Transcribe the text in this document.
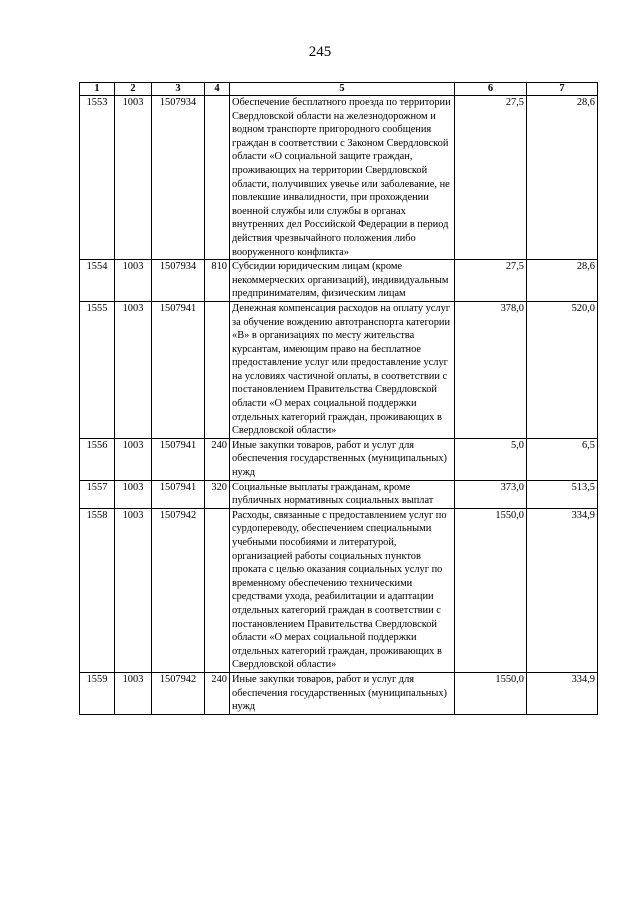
245
1	2	3	4	5	6	7
1553	1003	1507934		Обеспечение бесплатного проезда по территории Свердловской области на железнодорожном и водном транспорте пригородного сообщения граждан в соответствии с Законом Свердловской области «О социальной защите граждан, проживающих на территории Свердловской области, получивших увечье или заболевание, не повлекшие инвалидности, при прохождении военной службы или службы в органах внутренних дел Российской Федерации в период действия чрезвычайного положения либо вооруженного конфликта»	27,5	28,6
1554	1003	1507934	810	Субсидии юридическим лицам (кроме некоммерческих организаций), индивидуальным предпринимателям, физическим лицам	27,5	28,6
1555	1003	1507941		Денежная компенсация расходов на оплату услуг за обучение вождению автотранспорта категории «В» в организациях по месту жительства курсантам, имеющим право на бесплатное предоставление услуг или предоставление услуг на условиях частичной оплаты, в соответствии с постановлением Правительства Свердловской области «О мерах социальной поддержки отдельных категорий граждан, проживающих в Свердловской области»	378,0	520,0
1556	1003	1507941	240	Иные закупки товаров, работ и услуг для обеспечения государственных (муниципальных) нужд	5,0	6,5
1557	1003	1507941	320	Социальные выплаты гражданам, кроме публичных нормативных социальных выплат	373,0	513,5
1558	1003	1507942		Расходы, связанные с предоставлением услуг по сурдопереводу, обеспечением специальными учебными пособиями и литературой, организацией работы социальных пунктов проката с целью оказания социальных услуг по временному обеспечению техническими средствами ухода, реабилитации и адаптации отдельных категорий граждан в соответствии с постановлением Правительства Свердловской области «О мерах социальной поддержки отдельных категорий граждан, проживающих в Свердловской области»	1550,0	334,9
1559	1003	1507942	240	Иные закупки товаров, работ и услуг для обеспечения государственных (муниципальных) нужд	1550,0	334,9
